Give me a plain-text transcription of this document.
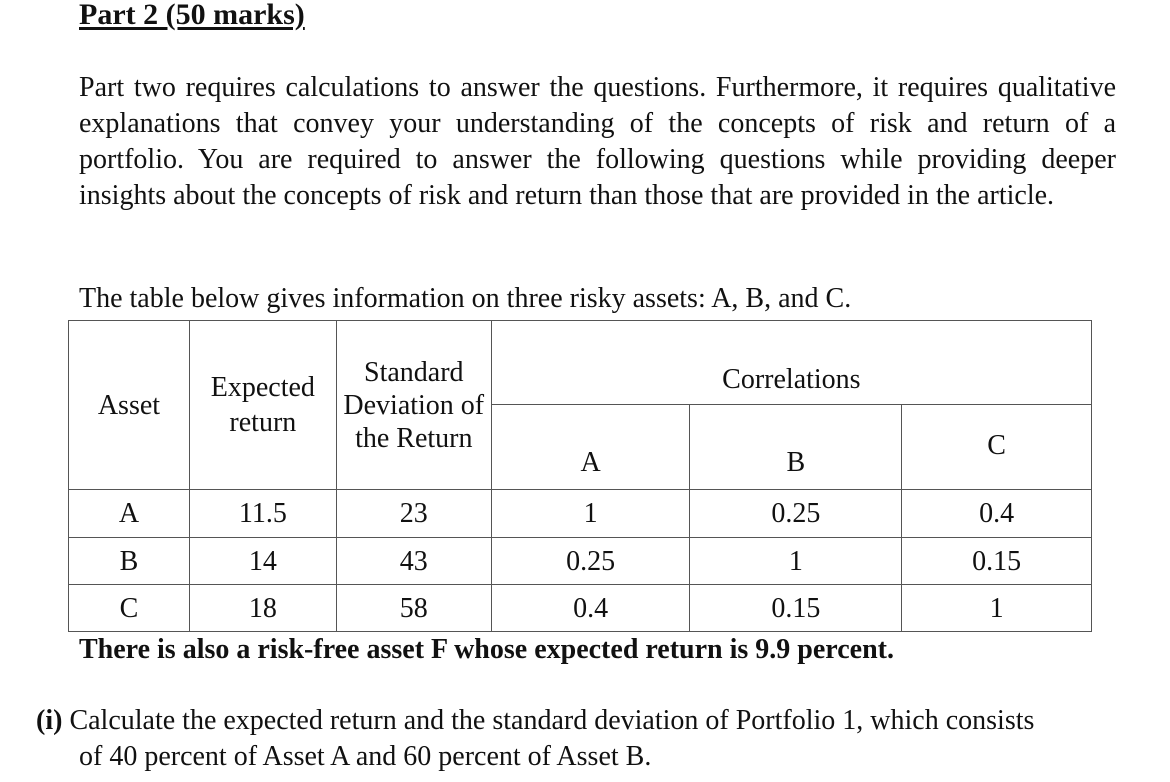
Part 2 (50 marks)

Part two requires calculations to answer the questions. Furthermore, it requires qualitative explanations that convey your understanding of the concepts of risk and return of a portfolio. You are required to answer the following questions while providing deeper insights about the concepts of risk and return than those that are provided in the article.

The table below gives information on three risky assets: A, B, and C.

Asset	Expected return	Standard Deviation of the Return	Correlations		
			A	B	C
A	11.5	23	1	0.25	0.4
B	14	43	0.25	1	0.15
C	18	58	0.4	0.15	1

There is also a risk-free asset F whose expected return is 9.9 percent.

(i) Calculate the expected return and the standard deviation of Portfolio 1, which consists
of 40 percent of Asset A and 60 percent of Asset B.
